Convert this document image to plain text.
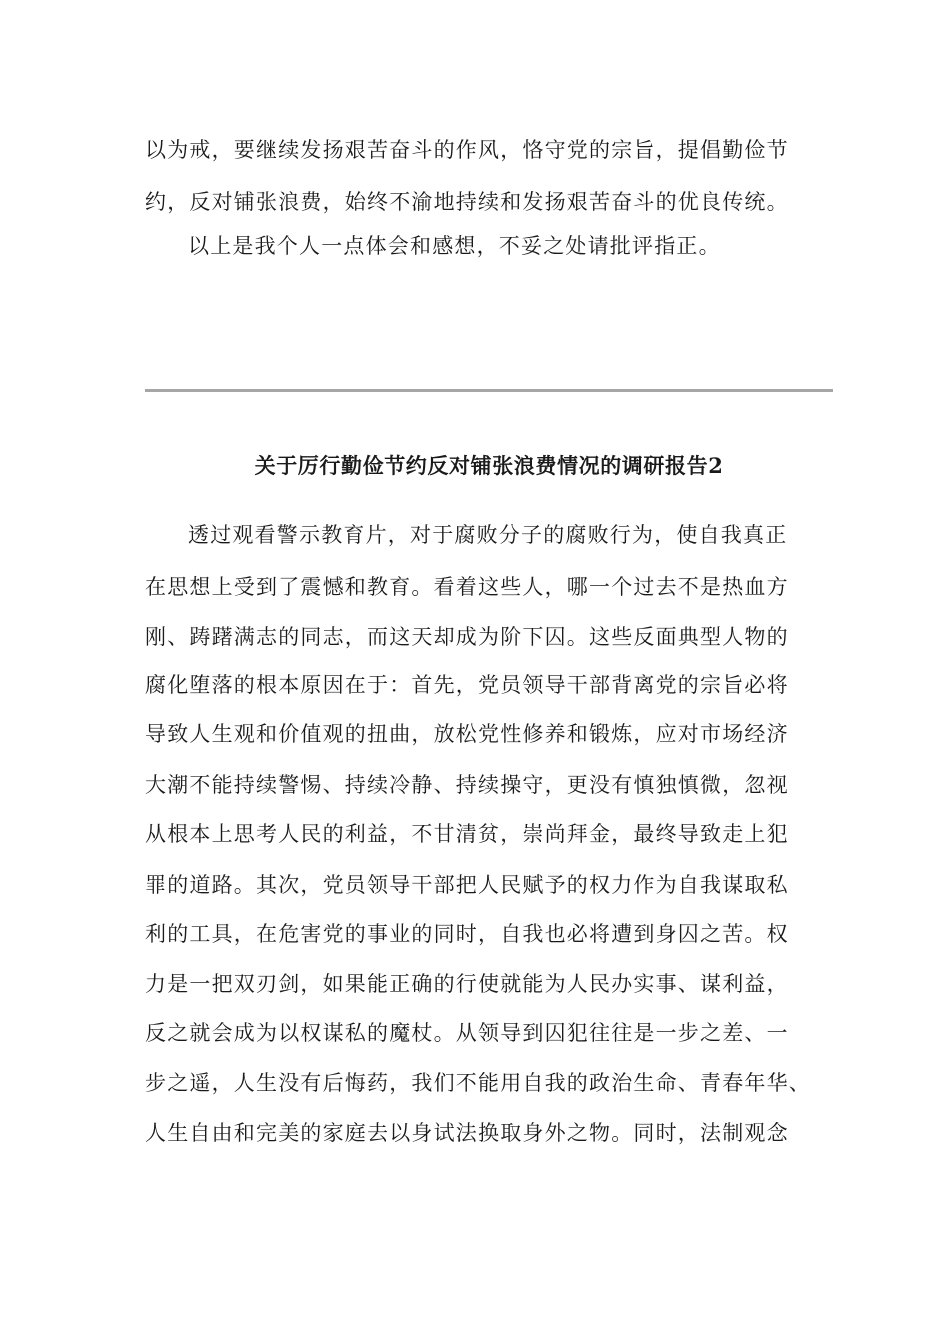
以为戒，要继续发扬艰苦奋斗的作风，恪守党的宗旨，提倡勤俭节
约，反对铺张浪费，始终不渝地持续和发扬艰苦奋斗的优良传统。
以上是我个人一点体会和感想，不妥之处请批评指正。
关于厉行勤俭节约反对铺张浪费情况的调研报告2
透过观看警示教育片，对于腐败分子的腐败行为，使自我真正
在思想上受到了震憾和教育。看着这些人，哪一个过去不是热血方
刚、踌躇满志的同志，而这天却成为阶下囚。这些反面典型人物的
腐化堕落的根本原因在于：首先，党员领导干部背离党的宗旨必将
导致人生观和价值观的扭曲，放松党性修养和锻炼，应对市场经济
大潮不能持续警惕、持续冷静、持续操守，更没有慎独慎微，忽视
从根本上思考人民的利益，不甘清贫，崇尚拜金，最终导致走上犯
罪的道路。其次，党员领导干部把人民赋予的权力作为自我谋取私
利的工具，在危害党的事业的同时，自我也必将遭到身囚之苦。权
力是一把双刃剑，如果能正确的行使就能为人民办实事、谋利益，
反之就会成为以权谋私的魔杖。从领导到囚犯往往是一步之差、一
步之遥，人生没有后悔药，我们不能用自我的政治生命、青春年华、
人生自由和完美的家庭去以身试法换取身外之物。同时，法制观念
